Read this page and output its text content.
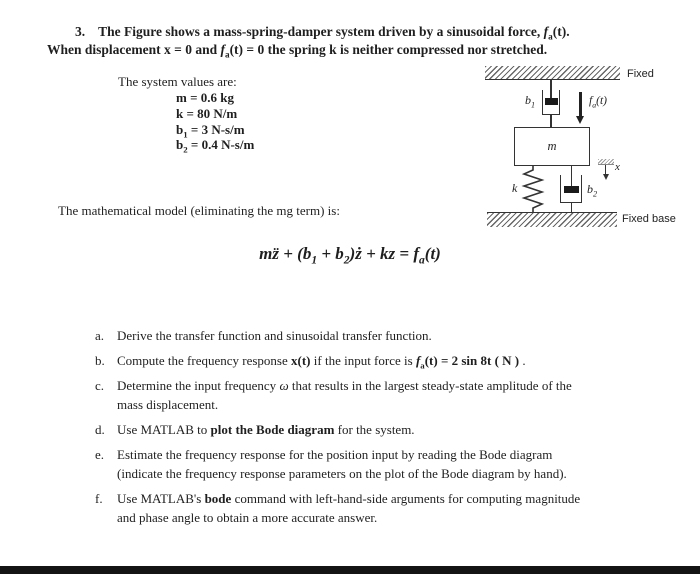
3. The Figure shows a mass-spring-damper system driven by a sinusoidal force, $f_a(t)$.
When displacement x = 0 and $f_a(t) = 0$ the spring k is neither compressed nor stretched.
The system values are:
m = 0.6 kg
k = 80 N/m
$b_1 = 3$ N-s/m
$b_2 = 0.4$ N-s/m
The mathematical model (eliminating the mg term) is:
mz̈ + ($b_1$ + $b_2)ż$ + kz = $f_a(t)$
Fixed
$b_1$	$f_a(t)$
m
x
k	$b_2$
Fixed base
a. Derive the transfer function and sinusoidal transfer function.
b. Compute the frequency response x(t) if the input force is $f_a(t) = 2$ sin 8t ( N ) .
c. Determine the input frequency ω that results in the largest steady-state amplitude of the
mass displacement.
d. Use MATLAB to plot the Bode diagram for the system.
e. Estimate the frequency response for the position input by reading the Bode diagram
(indicate the frequency response parameters on the plot of the Bode diagram by hand).
f. Use MATLAB's bode command with left-hand-side arguments for computing magnitude
and phase angle to obtain a more accurate answer.
